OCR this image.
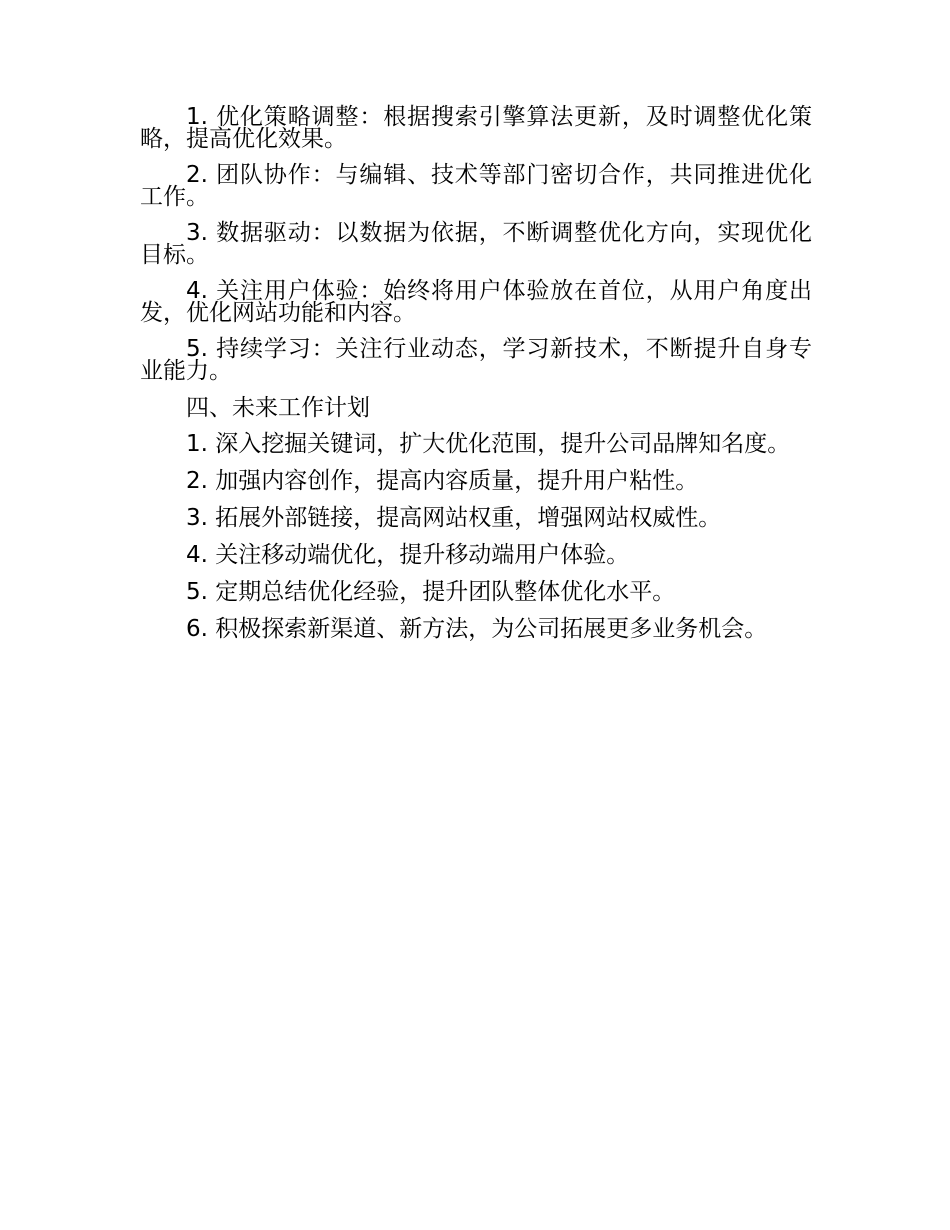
1. 优化策略调整：根据搜索引擎算法更新，及时调整优化策略，提高优化效果。

2. 团队协作：与编辑、技术等部门密切合作，共同推进优化工作。

3. 数据驱动：以数据为依据，不断调整优化方向，实现优化目标。

4. 关注用户体验：始终将用户体验放在首位，从用户角度出发，优化网站功能和内容。

5. 持续学习：关注行业动态，学习新技术，不断提升自身专业能力。

四、未来工作计划

1. 深入挖掘关键词，扩大优化范围，提升公司品牌知名度。

2. 加强内容创作，提高内容质量，提升用户粘性。

3. 拓展外部链接，提高网站权重，增强网站权威性。

4. 关注移动端优化，提升移动端用户体验。

5. 定期总结优化经验，提升团队整体优化水平。

6. 积极探索新渠道、新方法，为公司拓展更多业务机会。
